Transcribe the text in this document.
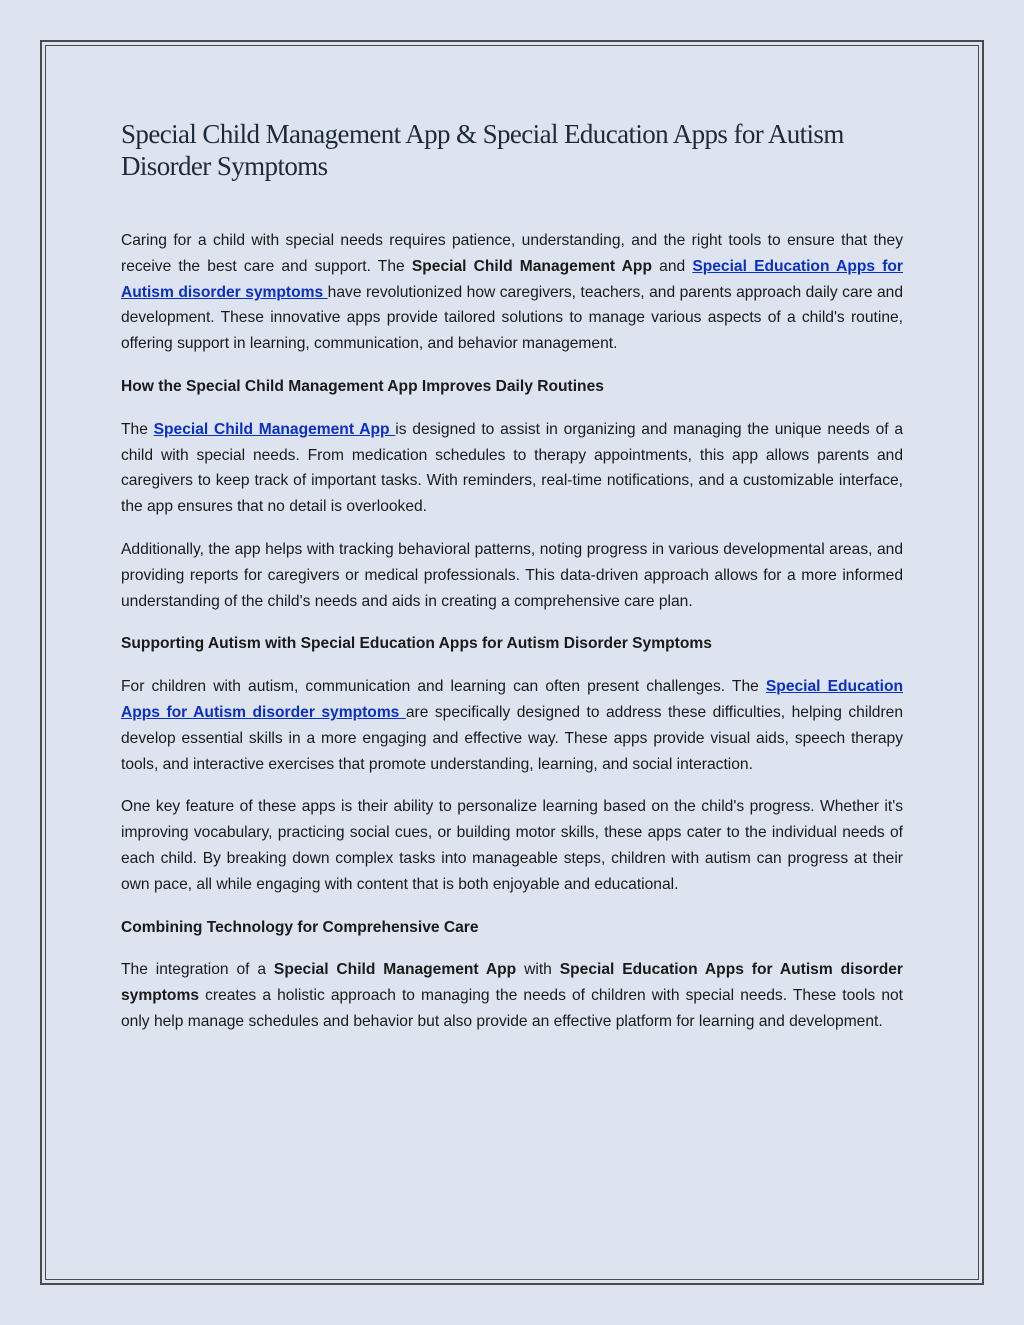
Special Child Management App & Special Education Apps for Autism Disorder Symptoms

Caring for a child with special needs requires patience, understanding, and the right tools to ensure that they receive the best care and support. The Special Child Management App and Special Education Apps for Autism disorder symptoms have revolutionized how caregivers, teachers, and parents approach daily care and development. These innovative apps provide tailored solutions to manage various aspects of a child's routine, offering support in learning, communication, and behavior management.

How the Special Child Management App Improves Daily Routines

The Special Child Management App is designed to assist in organizing and managing the unique needs of a child with special needs. From medication schedules to therapy appointments, this app allows parents and caregivers to keep track of important tasks. With reminders, real-time notifications, and a customizable interface, the app ensures that no detail is overlooked.

Additionally, the app helps with tracking behavioral patterns, noting progress in various developmental areas, and providing reports for caregivers or medical professionals. This data-driven approach allows for a more informed understanding of the child's needs and aids in creating a comprehensive care plan.

Supporting Autism with Special Education Apps for Autism Disorder Symptoms

For children with autism, communication and learning can often present challenges. The Special Education Apps for Autism disorder symptoms are specifically designed to address these difficulties, helping children develop essential skills in a more engaging and effective way. These apps provide visual aids, speech therapy tools, and interactive exercises that promote understanding, learning, and social interaction.

One key feature of these apps is their ability to personalize learning based on the child's progress. Whether it's improving vocabulary, practicing social cues, or building motor skills, these apps cater to the individual needs of each child. By breaking down complex tasks into manageable steps, children with autism can progress at their own pace, all while engaging with content that is both enjoyable and educational.

Combining Technology for Comprehensive Care

The integration of a Special Child Management App with Special Education Apps for Autism disorder symptoms creates a holistic approach to managing the needs of children with special needs. These tools not only help manage schedules and behavior but also provide an effective platform for learning and development.
